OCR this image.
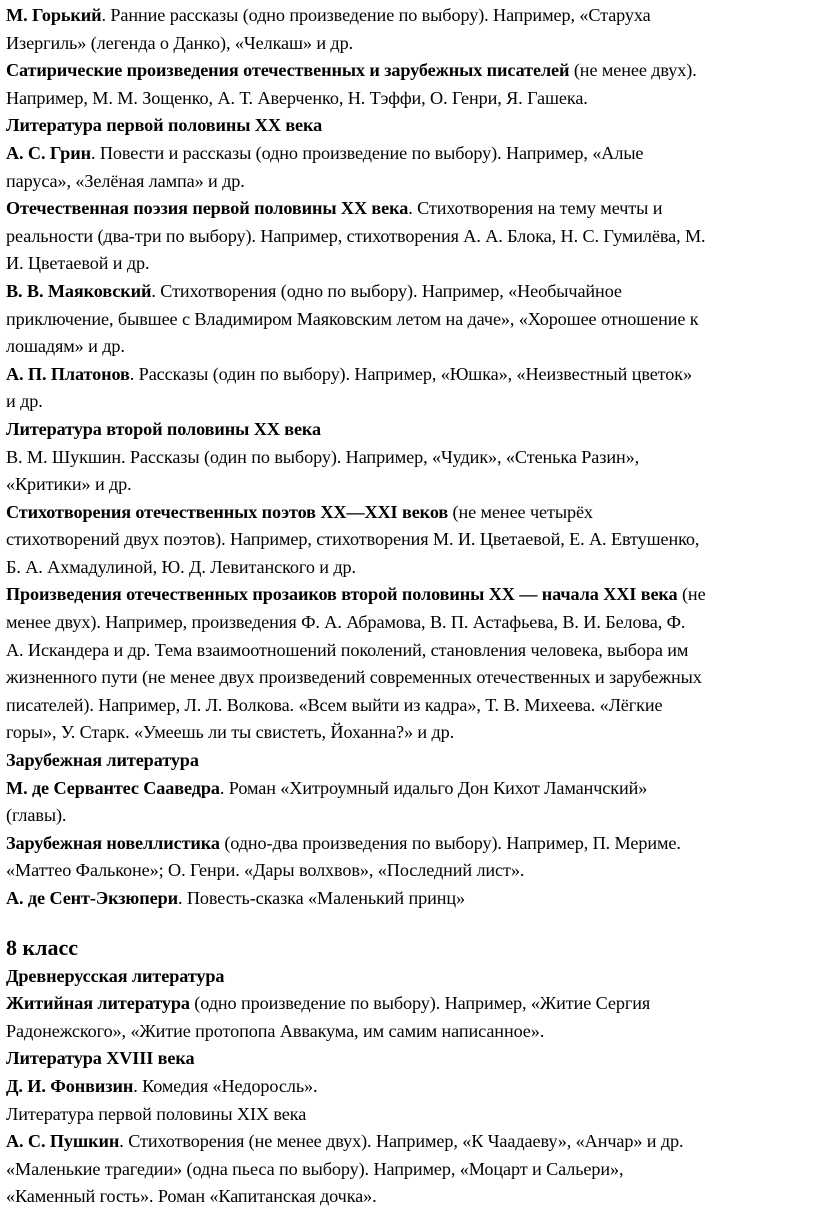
М. Горький. Ранние рассказы (одно произведение по выбору). Например, «Старуха
Изергиль» (легенда о Данко), «Челкаш» и др.
Сатирические произведения отечественных и зарубежных писателей (не менее двух).
Например, М. М. Зощенко, А. Т. Аверченко, Н. Тэффи, О. Генри, Я. Гашека.
Литература первой половины XX века
А. С. Грин. Повести и рассказы (одно произведение по выбору). Например, «Алые
паруса», «Зелёная лампа» и др.
Отечественная поэзия первой половины XX века. Стихотворения на тему мечты и
реальности (два-три по выбору). Например, стихотворения А. А. Блока, Н. С. Гумилёва, М.
И. Цветаевой и др.
В. В. Маяковский. Стихотворения (одно по выбору). Например, «Необычайное
приключение, бывшее с Владимиром Маяковским летом на даче», «Хорошее отношение к
лошадям» и др.
А. П. Платонов. Рассказы (один по выбору). Например, «Юшка», «Неизвестный цветок»
и др.
Литература второй половины XX века
В. М. Шукшин. Рассказы (один по выбору). Например, «Чудик», «Стенька Разин»,
«Критики» и др.
Стихотворения отечественных поэтов XX—XXI веков (не менее четырёх
стихотворений двух поэтов). Например, стихотворения М. И. Цветаевой, Е. А. Евтушенко,
Б. А. Ахмадулиной, Ю. Д. Левитанского и др.
Произведения отечественных прозаиков второй половины XX — начала XXI века (не
менее двух). Например, произведения Ф. А. Абрамова, В. П. Астафьева, В. И. Белова, Ф.
А. Искандера и др. Тема взаимоотношений поколений, становления человека, выбора им
жизненного пути (не менее двух произведений современных отечественных и зарубежных
писателей). Например, Л. Л. Волкова. «Всем выйти из кадра», Т. В. Михеева. «Лёгкие
горы», У. Старк. «Умеешь ли ты свистеть, Йоханна?» и др.
Зарубежная литература
М. де Сервантес Сааведра. Роман «Хитроумный идальго Дон Кихот Ламанчский»
(главы).
Зарубежная новеллистика (одно-два произведения по выбору). Например, П. Мериме.
«Маттео Фальконе»; О. Генри. «Дары волхвов», «Последний лист».
А. де Сент-Экзюпери. Повесть-сказка «Маленький принц»
8 класс
Древнерусская литература
Житийная литература (одно произведение по выбору). Например, «Житие Сергия
Радонежского», «Житие протопопа Аввакума, им самим написанное».
Литература XVIII века
Д. И. Фонвизин. Комедия «Недоросль».
Литература первой половины XIX века
А. С. Пушкин. Стихотворения (не менее двух). Например, «К Чаадаеву», «Анчар» и др.
«Маленькие трагедии» (одна пьеса по выбору). Например, «Моцарт и Сальери»,
«Каменный гость». Роман «Капитанская дочка».
